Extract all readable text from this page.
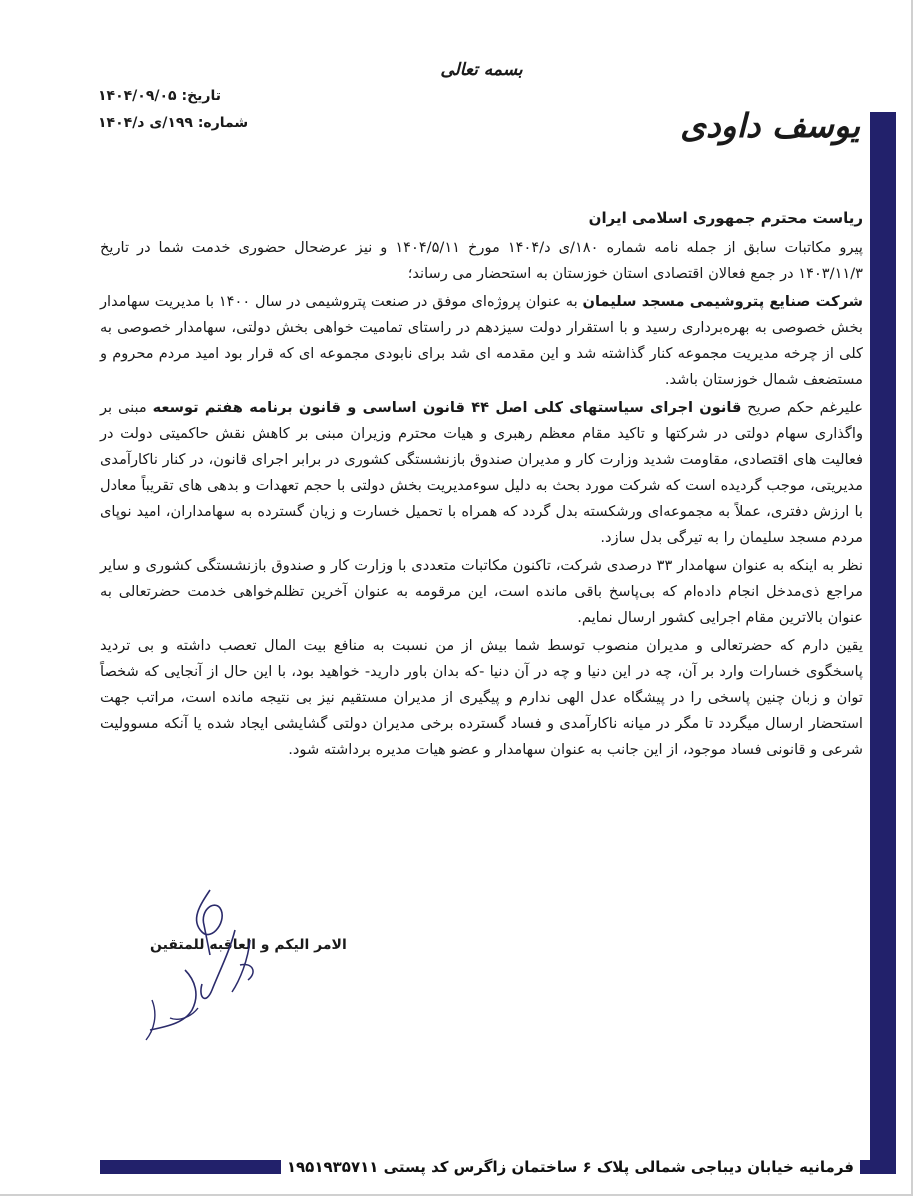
بسمه تعالی
تاریخ: ۱۴۰۴/۰۹/۰۵
شماره: ۱۹۹/ی د/۱۴۰۴	یوسف داودی

ریاست محترم جمهوری اسلامی ایران

پیرو مکاتبات سابق از جمله نامه شماره ۱۸۰/ی د/۱۴۰۴ مورخ ۱۴۰۴/۵/۱۱ و نیز عرضحال حضوری خدمت شما در تاریخ ۱۴۰۳/۱۱/۳ در جمع فعالان اقتصادی استان خوزستان به استحضار می رساند؛

شرکت صنایع پتروشیمی مسجد سلیمان به عنوان پروژه‌ای موفق در صنعت پتروشیمی در سال ۱۴۰۰ با مدیریت سهامدار بخش خصوصی به بهره‌برداری رسید و با استقرار دولت سیزدهم در راستای تمامیت خواهی بخش دولتی، سهامدار خصوصی به کلی از چرخه مدیریت مجموعه کنار گذاشته شد و این مقدمه ای شد برای نابودی مجموعه ای که قرار بود امید مردم محروم و مستضعف شمال خوزستان باشد.

علیرغم حکم صریح قانون اجرای سیاستهای کلی اصل ۴۴ قانون اساسی و قانون برنامه هفتم توسعه مبنی بر واگذاری سهام دولتی در شرکتها و تاکید مقام معظم رهبری و هیات محترم وزیران مبنی بر کاهش نقش حاکمیتی دولت در فعالیت های اقتصادی، مقاومت شدید وزارت کار و مدیران صندوق بازنشستگی کشوری در برابر اجرای قانون، در کنار ناکارآمدی مدیریتی، موجب گردیده است که شرکت مورد بحث به دلیل سوءمدیریت بخش دولتی با حجم تعهدات و بدهی های تقریباً معادل با ارزش دفتری، عملاً به مجموعه‌ای ورشکسته بدل گردد که همراه با تحمیل خسارت و زیان گسترده به سهامداران، امید نوپای مردم مسجد سلیمان را به تیرگی بدل سازد.

نظر به اینکه به عنوان سهامدار ۳۳ درصدی شرکت، تاکنون مکاتبات متعددی با وزارت کار و صندوق بازنشستگی کشوری و سایر مراجع ذی‌مدخل انجام داده‌ام که بی‌پاسخ باقی مانده است، این مرقومه به عنوان آخرین تظلم‌خواهی خدمت حضرتعالی به عنوان بالاترین مقام اجرایی کشور ارسال نمایم.

یقین دارم که حضرتعالی و مدیران منصوب توسط شما بیش از من نسبت به منافع بیت المال تعصب داشته و بی تردید پاسخگوی خسارات وارد بر آن، چه در این دنیا و چه در آن دنیا -که بدان باور دارید- خواهید بود، با این حال از آنجایی که شخصاً توان و زبان چنین پاسخی را در پیشگاه عدل الهی ندارم و پیگیری از مدیران مستقیم نیز بی نتیجه مانده است، مراتب جهت استحضار ارسال میگردد تا مگر در میانه ناکارآمدی و فساد گسترده برخی مدیران دولتی گشایشی ایجاد شده یا آنکه مسوولیت شرعی و قانونی فساد موجود، از این جانب به عنوان سهامدار و عضو هیات مدیره برداشته شود.

الامر الیکم و العاقبه للمتقین
فرمانیه خیابان دیباجی شمالی پلاک ۶ ساختمان زاگرس کد پستی ۱۹۵۱۹۳۵۷۱۱
